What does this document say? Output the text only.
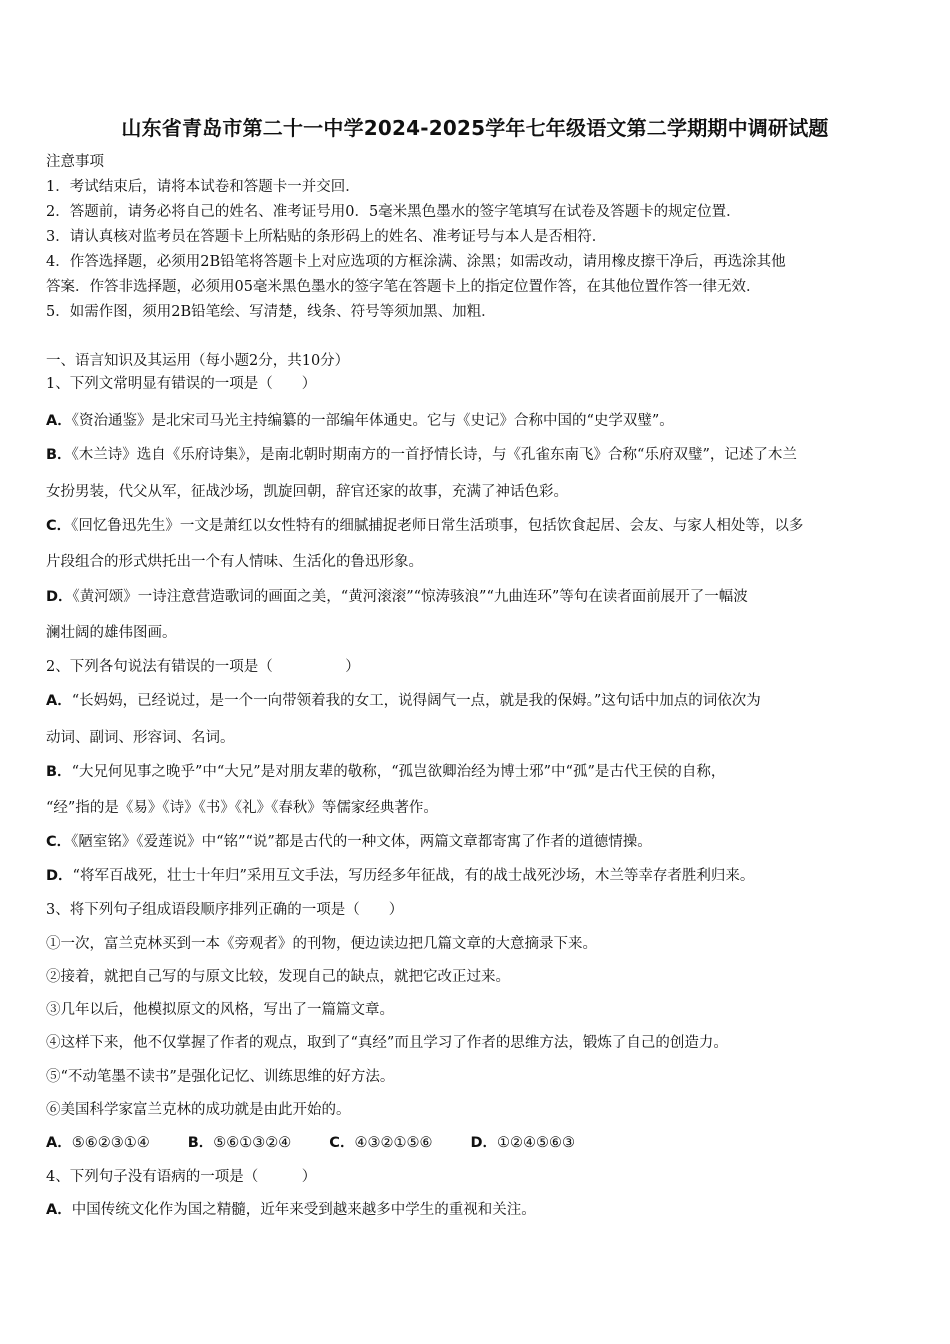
山东省青岛市第二十一中学2024-2025学年七年级语文第二学期期中调研试题
注意事项
1．考试结束后，请将本试卷和答题卡一并交回．
2．答题前，请务必将自己的姓名、准考证号用0．5毫米黑色墨水的签字笔填写在试卷及答题卡的规定位置．
3．请认真核对监考员在答题卡上所粘贴的条形码上的姓名、准考证号与本人是否相符．
4．作答选择题，必须用2B铅笔将答题卡上对应选项的方框涂满、涂黑；如需改动，请用橡皮擦干净后，再选涂其他
答案．作答非选择题，必须用05毫米黑色墨水的签字笔在答题卡上的指定位置作答，在其他位置作答一律无效．
5．如需作图，须用2B铅笔绘、写清楚，线条、符号等须加黑、加粗．
一、语言知识及其运用（每小题2分，共10分）
1、下列文常明显有错误的一项是（　　）
A．《资治通鉴》是北宋司马光主持编纂的一部编年体通史。它与《史记》合称中国的“史学双璧”。
B．《木兰诗》选自《乐府诗集》，是南北朝时期南方的一首抒情长诗，与《孔雀东南飞》合称“乐府双璧”，记述了木兰
女扮男装，代父从军，征战沙场，凯旋回朝，辞官还家的故事，充满了神话色彩。
C．《回忆鲁迅先生》一文是萧红以女性特有的细腻捕捉老师日常生活琐事，包括饮食起居、会友、与家人相处等，以多
片段组合的形式烘托出一个有人情味、生活化的鲁迅形象。
D．《黄河颂》一诗注意营造歌词的画面之美，“黄河滚滚”“惊涛骇浪”“九曲连环”等句在读者面前展开了一幅波
澜壮阔的雄伟图画。
2、下列各句说法有错误的一项是（　　　　　）
A．“长妈妈，已经说过，是一个一向带领着我的女工，说得阔气一点，就是我的保姆。”这句话中加点的词依次为
动词、副词、形容词、名词。
B．“大兄何见事之晚乎”中“大兄”是对朋友辈的敬称，“孤岂欲卿治经为博士邪”中“孤”是古代王侯的自称，
“经”指的是《易》《诗》《书》《礼》《春秋》等儒家经典著作。
C．《陋室铭》《爱莲说》中“铭”“说”都是古代的一种文体，两篇文章都寄寓了作者的道德情操。
D．“将军百战死，壮士十年归”采用互文手法，写历经多年征战，有的战士战死沙场，木兰等幸存者胜利归来。
3、将下列句子组成语段顺序排列正确的一项是（　　）
①一次，富兰克林买到一本《旁观者》的刊物，便边读边把几篇文章的大意摘录下来。
②接着，就把自己写的与原文比较，发现自己的缺点，就把它改正过来。
③几年以后，他模拟原文的风格，写出了一篇篇文章。
④这样下来，他不仅掌握了作者的观点，取到了“真经”而且学习了作者的思维方法，锻炼了自己的创造力。
⑤“不动笔墨不读书”是强化记忆、训练思维的好方法。
⑥美国科学家富兰克林的成功就是由此开始的。
A．⑤⑥②③①④	B．⑤⑥①③②④	C．④③②①⑤⑥	D．①②④⑤⑥③
4、下列句子没有语病的一项是（　　　）
A．中国传统文化作为国之精髓，近年来受到越来越多中学生的重视和关注。
